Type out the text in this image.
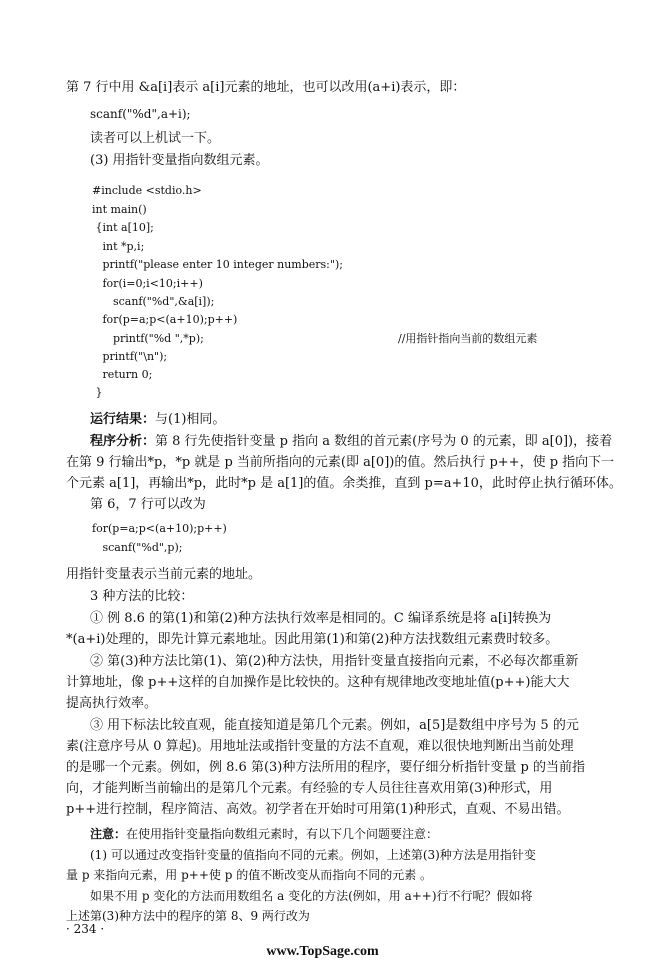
第 7 行中用 &a[i]表示 a[i]元素的地址，也可以改用(a+i)表示，即：
scanf("%d",a+i);
读者可以上机试一下。
(3) 用指针变量指向数组元素。
#include <stdio.h>
int main()
{int a[10];
int *p,i;
printf("please enter 10 integer numbers:");
for(i=0;i<10;i++)
scanf("%d",&a[i]);
for(p=a;p<(a+10);p++)
printf("%d ",*p);	//用指针指向当前的数组元素
printf("\n");
return 0;
}
运行结果：与(1)相同。
程序分析：第 8 行先使指针变量 p 指向 a 数组的首元素(序号为 0 的元素，即 a[0])，接着
在第 9 行输出*p，*p 就是 p 当前所指向的元素(即 a[0])的值。然后执行 p++，使 p 指向下一
个元素 a[1]，再输出*p，此时*p 是 a[1]的值。余类推，直到 p=a+10，此时停止执行循环体。
第 6，7 行可以改为
for(p=a;p<(a+10);p++)
scanf("%d",p);
用指针变量表示当前元素的地址。
3 种方法的比较：
① 例 8.6 的第(1)和第(2)种方法执行效率是相同的。C 编译系统是将 a[i]转换为
*(a+i)处理的，即先计算元素地址。因此用第(1)和第(2)种方法找数组元素费时较多。
② 第(3)种方法比第(1)、第(2)种方法快，用指针变量直接指向元素，不必每次都重新
计算地址，像 p++这样的自加操作是比较快的。这种有规律地改变地址值(p++)能大大
提高执行效率。
③ 用下标法比较直观，能直接知道是第几个元素。例如，a[5]是数组中序号为 5 的元
素(注意序号从 0 算起)。用地址法或指针变量的方法不直观，难以很快地判断出当前处理
的是哪一个元素。例如，例 8.6 第(3)种方法所用的程序，要仔细分析指针变量 p 的当前指
向，才能判断当前输出的是第几个元素。有经验的专人员往往喜欢用第(3)种形式，用
p++进行控制，程序简洁、高效。初学者在开始时可用第(1)种形式，直观、不易出错。
注意：在使用指针变量指向数组元素时，有以下几个问题要注意：
(1) 可以通过改变指针变量的值指向不同的元素。例如，上述第(3)种方法是用指针变
量 p 来指向元素，用 p++使 p 的值不断改变从而指向不同的元素 。
如果不用 p 变化的方法而用数组名 a 变化的方法(例如，用 a++)行不行呢？假如将
上述第(3)种方法中的程序的第 8、9 两行改为
· 234 ·
www.TopSage.com
